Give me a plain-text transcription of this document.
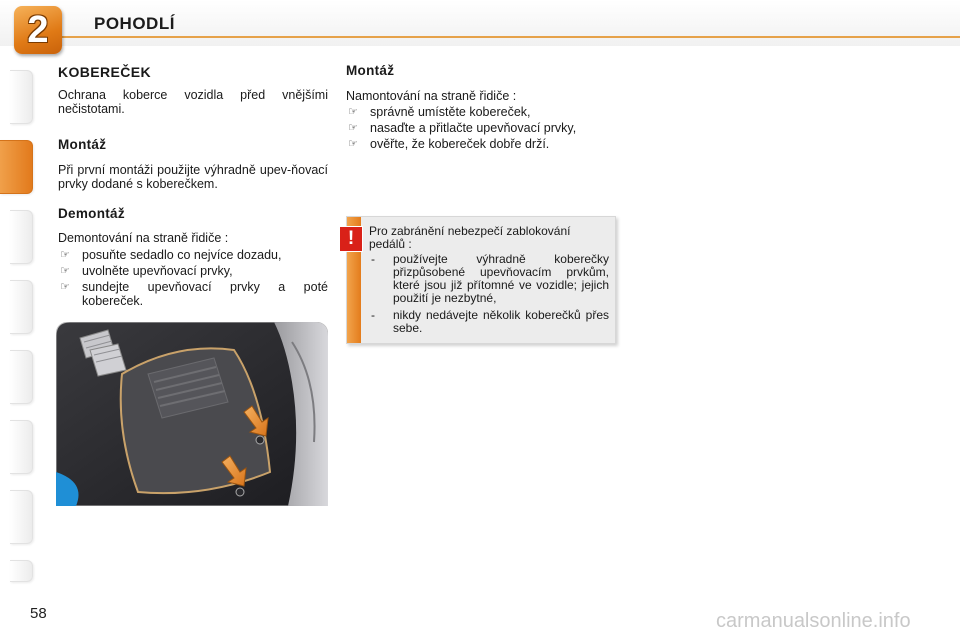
2	POHODLÍ
KOBEREČEK
Ochrana koberce vozidla před vnějšími nečistotami.
Montáž
Při první montáži použijte výhradně upev-ňovací prvky dodané s koberečkem.
Demontáž
Demontování na straně řidiče :
☞ posuňte sedadlo co nejvíce dozadu,
☞ uvolněte upevňovací prvky,
☞ sundejte upevňovací prvky a poté kobereček.
Montáž
Namontování na straně řidiče :
☞ správně umístěte kobereček,
☞ nasaďte a přitlačte upevňovací prvky,
☞ ověřte, že kobereček dobře drží.
Pro zabránění nebezpečí zablokování pedálů :
- používejte výhradně koberečky přizpůsobené upevňovacím prvkům, které jsou již přítomné ve vozidle; jejich použití je nezbytné,
- nikdy nedávejte několik koberečků přes sebe.
!
58	carmanualsonline.info
